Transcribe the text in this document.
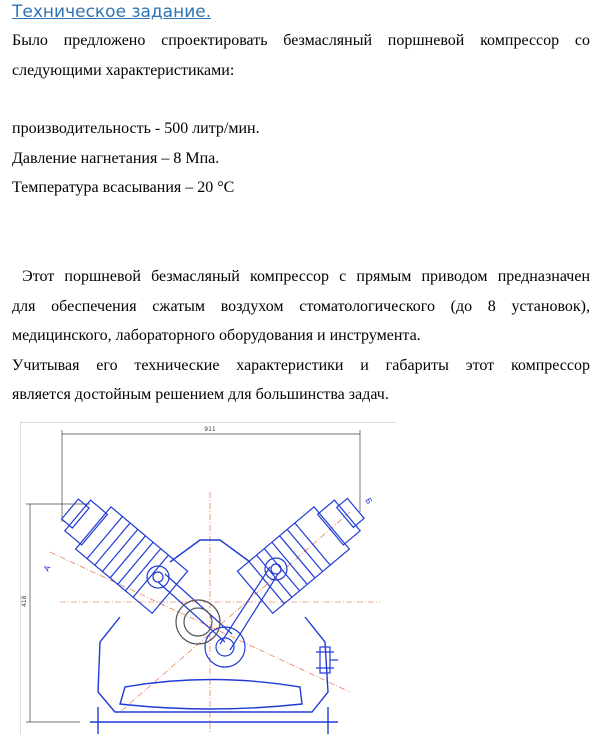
Техническое задание.
Было предложено спроектировать безмасляный поршневой компрессор со
следующими характеристиками:
производительность - 500 литр/мин.
Давление нагнетания – 8 Мпа.
Температура всасывания – 20 °С
Этот поршневой безмасляный компрессор с прямым приводом предназначен
для обеспечения сжатым воздухом стоматологического (до 8 установок),
медицинского, лабораторного оборудования и инструмента.
Учитывая его технические характеристики и габариты этот компрессор
является достойным решением для большинства задач.
911
418
А
Б
